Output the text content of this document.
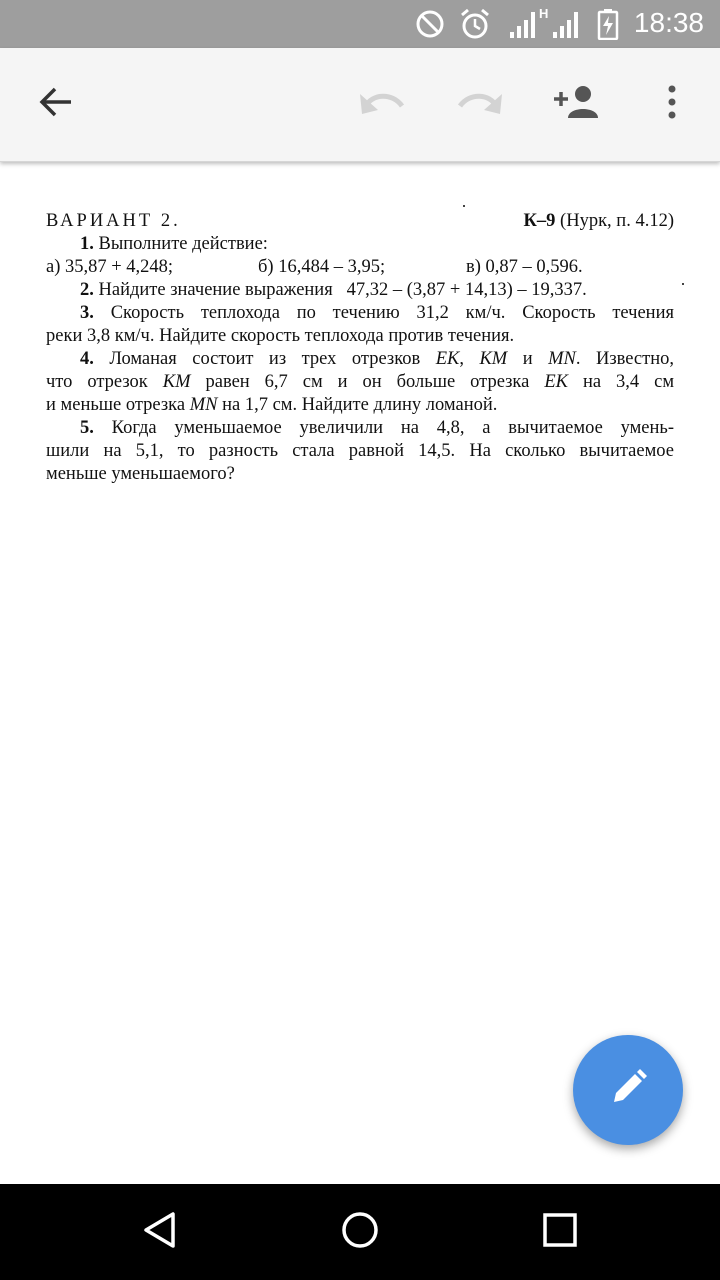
H	18:38
ВАРИАНТ 2.	К–9 (Нурк, п. 4.12)
1. Выполните действие:
а) 35,87 + 4,248;	б) 16,484 – 3,95;	в) 0,87 – 0,596.
2. Найдите значение выражения 47,32 – (3,87 + 14,13) – 19,337.
3. Скорость теплохода по течению 31,2 км/ч. Скорость течения
реки 3,8 км/ч. Найдите скорость теплохода против течения.
4. Ломаная состоит из трех отрезков EK, KM и MN. Известно,
что отрезок KM равен 6,7 см и он больше отрезка EK на 3,4 см
и меньше отрезка MN на 1,7 см. Найдите длину ломаной.
5. Когда уменьшаемое увеличили на 4,8, а вычитаемое умень-
шили на 5,1, то разность стала равной 14,5. На сколько вычитаемое
меньше уменьшаемого?
